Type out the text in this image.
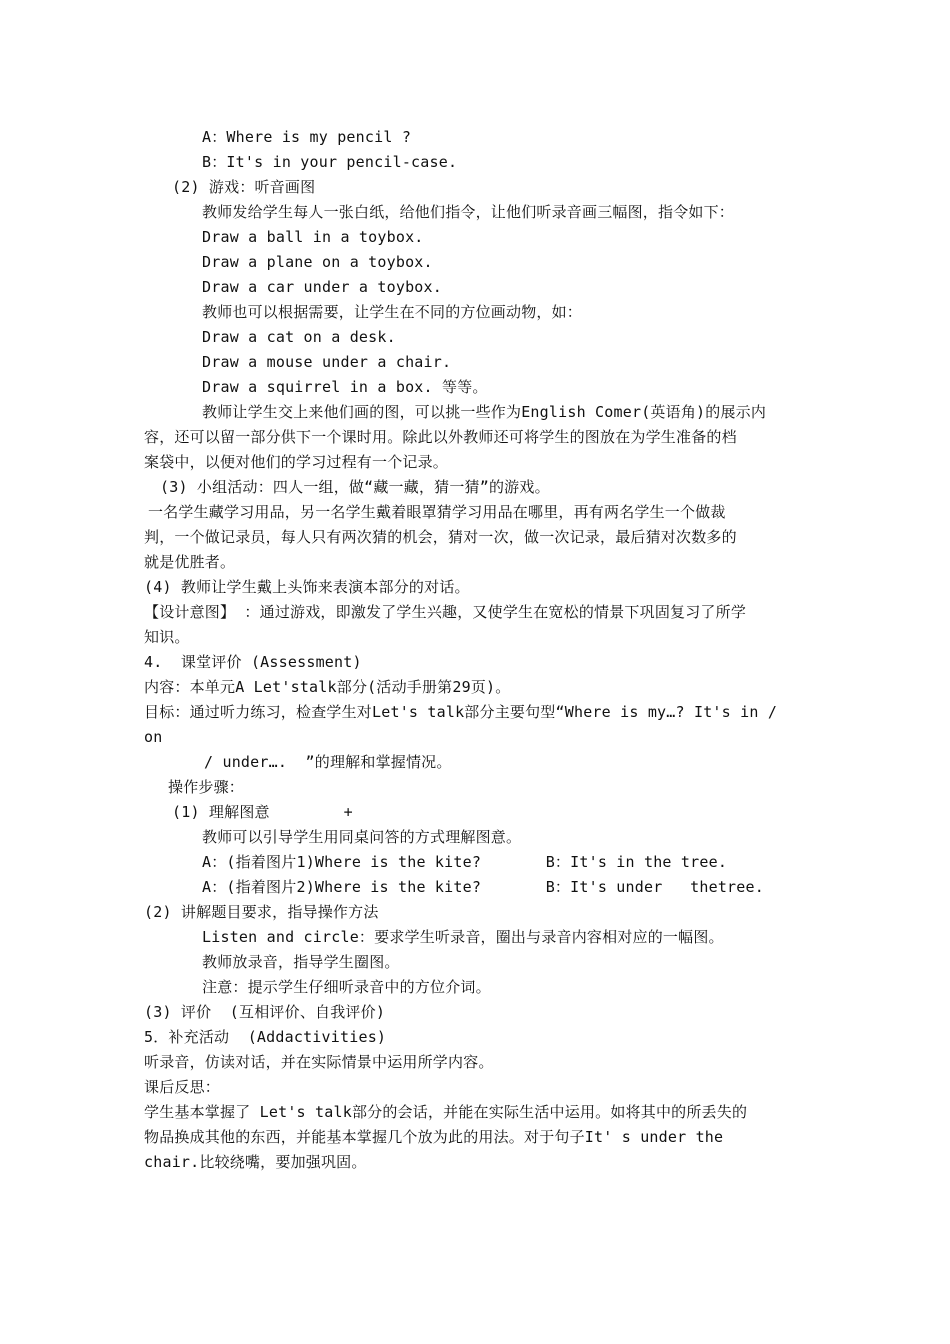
A：Where is my pencil ?
B：It's in your pencil-case.
(2) 游戏：听音画图
教师发给学生每人一张白纸，给他们指令，让他们听录音画三幅图，指令如下：
Draw a ball in a toybox.
Draw a plane on a toybox.
Draw a car under a toybox.
教师也可以根据需要，让学生在不同的方位画动物，如：
Draw a cat on a desk.
Draw a mouse under a chair.
Draw a squirrel in a box. 等等。
教师让学生交上来他们画的图，可以挑一些作为English Comer(英语角)的展示内
容，还可以留一部分供下一个课时用。除此以外教师还可将学生的图放在为学生准备的档
案袋中，以便对他们的学习过程有一个记录。
(3) 小组活动：四人一组，做“藏一藏，猜一猜”的游戏。
一名学生藏学习用品，另一名学生戴着眼罩猜学习用品在哪里，再有两名学生一个做裁
判，一个做记录员，每人只有两次猜的机会，猜对一次，做一次记录，最后猜对次数多的
就是优胜者。
(4) 教师让学生戴上头饰来表演本部分的对话。
【设计意图】 ：通过游戏，即激发了学生兴趣，又使学生在宽松的情景下巩固复习了所学
知识。
4.  课堂评价 (Assessment)
内容：本单元A Let'stalk部分(活动手册第29页)。
目标：通过听力练习，检查学生对Let's talk部分主要句型“Where is my…? It's in /
on
/ under….  ”的理解和掌握情况。
操作步骤：
(1) 理解图意        +
教师可以引导学生用同桌问答的方式理解图意。
A：(指着图片1)Where is the kite?       B：It's in the tree.
A：(指着图片2)Where is the kite?       B：It's under   thetree.
(2) 讲解题目要求，指导操作方法
Listen and circle：要求学生听录音，圈出与录音内容相对应的一幅图。
教师放录音，指导学生圈图。
注意：提示学生仔细听录音中的方位介词。
(3) 评价  (互相评价、自我评价)
5．补充活动  (Addactivities)
听录音，仿读对话，并在实际情景中运用所学内容。
课后反思：
学生基本掌握了 Let's talk部分的会话，并能在实际生活中运用。如将其中的所丢失的
物品换成其他的东西，并能基本掌握几个放为此的用法。对于句子It' s under the
chair.比较绕嘴，要加强巩固。
